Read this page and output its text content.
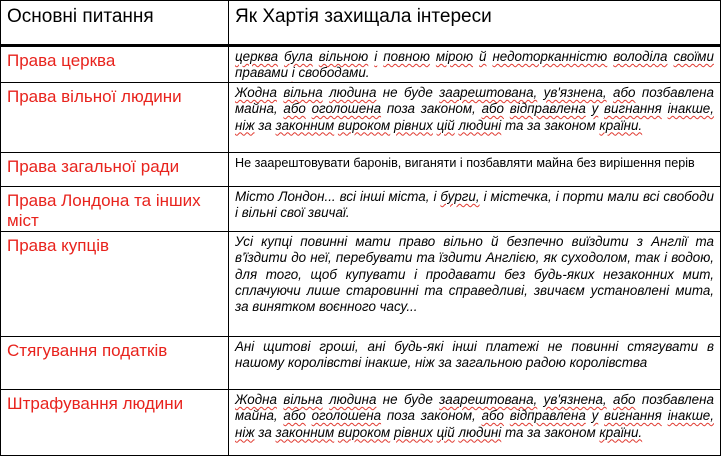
Основні питання	Як Хартія захищала інтереси
Права церква	церква була вільною і повною мірою й недоторканністю володіла своїми правами і свободами.
Права вільної людини	Жодна вільна людина не буде заарештована, ув'язнена, або позбавлена майна, або оголошена поза законом, або відправлена у вигнання інакше, ніж за законним вироком рівних цій людині та за законом країни.
Права загальної ради	Не заарештовувати баронів, виганяти і позбавляти майна без вирішення перів
Права Лондона та інших міст	Місто Лондон... всі інші міста, і бурги, і містечка, і порти мали всі свободи і вільні свої звичаї.
Права купців	Усі купці повинні мати право вільно й безпечно виїздити з Англії та в'їздити до неї, перебувати та їздити Англією, як суходолом, так і водою, для того, щоб купувати і продавати без будь-яких незаконних мит, сплачуючи лише старовинні та справедливі, звичаєм установлені мита, за винятком воєнного часу...
Стягування податків	Ані щитові гроші, ані будь-які інші платежі не повинні стягувати в нашому королівстві інакше, ніж за загальною радою королівства
Штрафування людини	Жодна вільна людина не буде заарештована, ув'язнена, або позбавлена майна, або оголошена поза законом, або відправлена у вигнання інакше, ніж за законним вироком рівних цій людині та за законом країни.
